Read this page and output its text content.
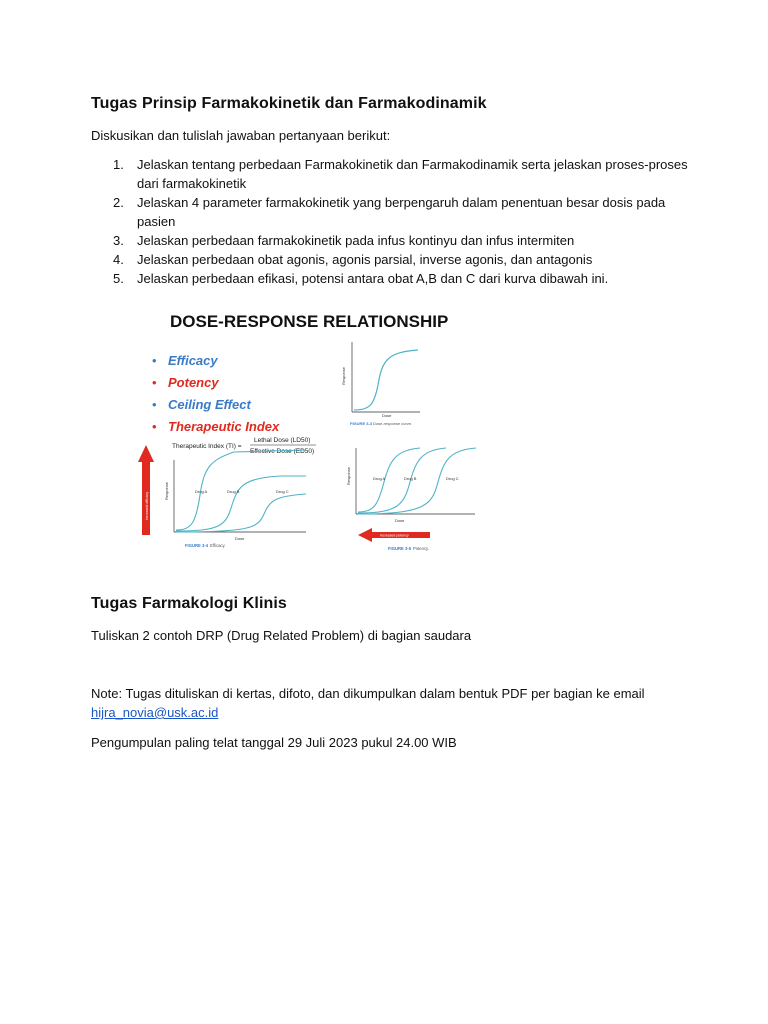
Tugas Prinsip Farmakokinetik dan Farmakodinamik
Diskusikan dan tulislah jawaban pertanyaan berikut:
1. Jelaskan tentang perbedaan Farmakokinetik dan Farmakodinamik serta jelaskan proses-proses dari farmakokinetik
2. Jelaskan 4 parameter farmakokinetik yang berpengaruh dalam penentuan besar dosis pada pasien
3. Jelaskan perbedaan farmakokinetik pada infus kontinyu dan infus intermiten
4. Jelaskan perbedaan obat agonis, agonis parsial, inverse agonis, dan antagonis
5. Jelaskan perbedaan efikasi, potensi antara obat A,B dan C dari kurva dibawah ini.
DOSE-RESPONSE RELATIONSHIP
• Efficacy
• Potency
• Ceiling Effect
• Therapeutic Index
Therapeutic Index (TI) =
Lethal Dose (LD50)
Effective Dose (ED50)
Response
Dose
FIGURE 3-3 Dose-response curve.
Increased efficacy
Response
Dose
Drug A	Drug B	Drug C
FIGURE 3-4 Efficacy.
Response
Dose
Drug A	Drug B	Drug C
Increased potency
FIGURE 3-5 Potency.
Tugas Farmakologi Klinis
Tuliskan 2 contoh DRP (Drug Related Problem) di bagian saudara
Note: Tugas dituliskan di kertas, difoto, dan dikumpulkan dalam bentuk PDF per bagian ke email
hijra_novia@usk.ac.id
Pengumpulan paling telat tanggal 29 Juli 2023 pukul 24.00 WIB
